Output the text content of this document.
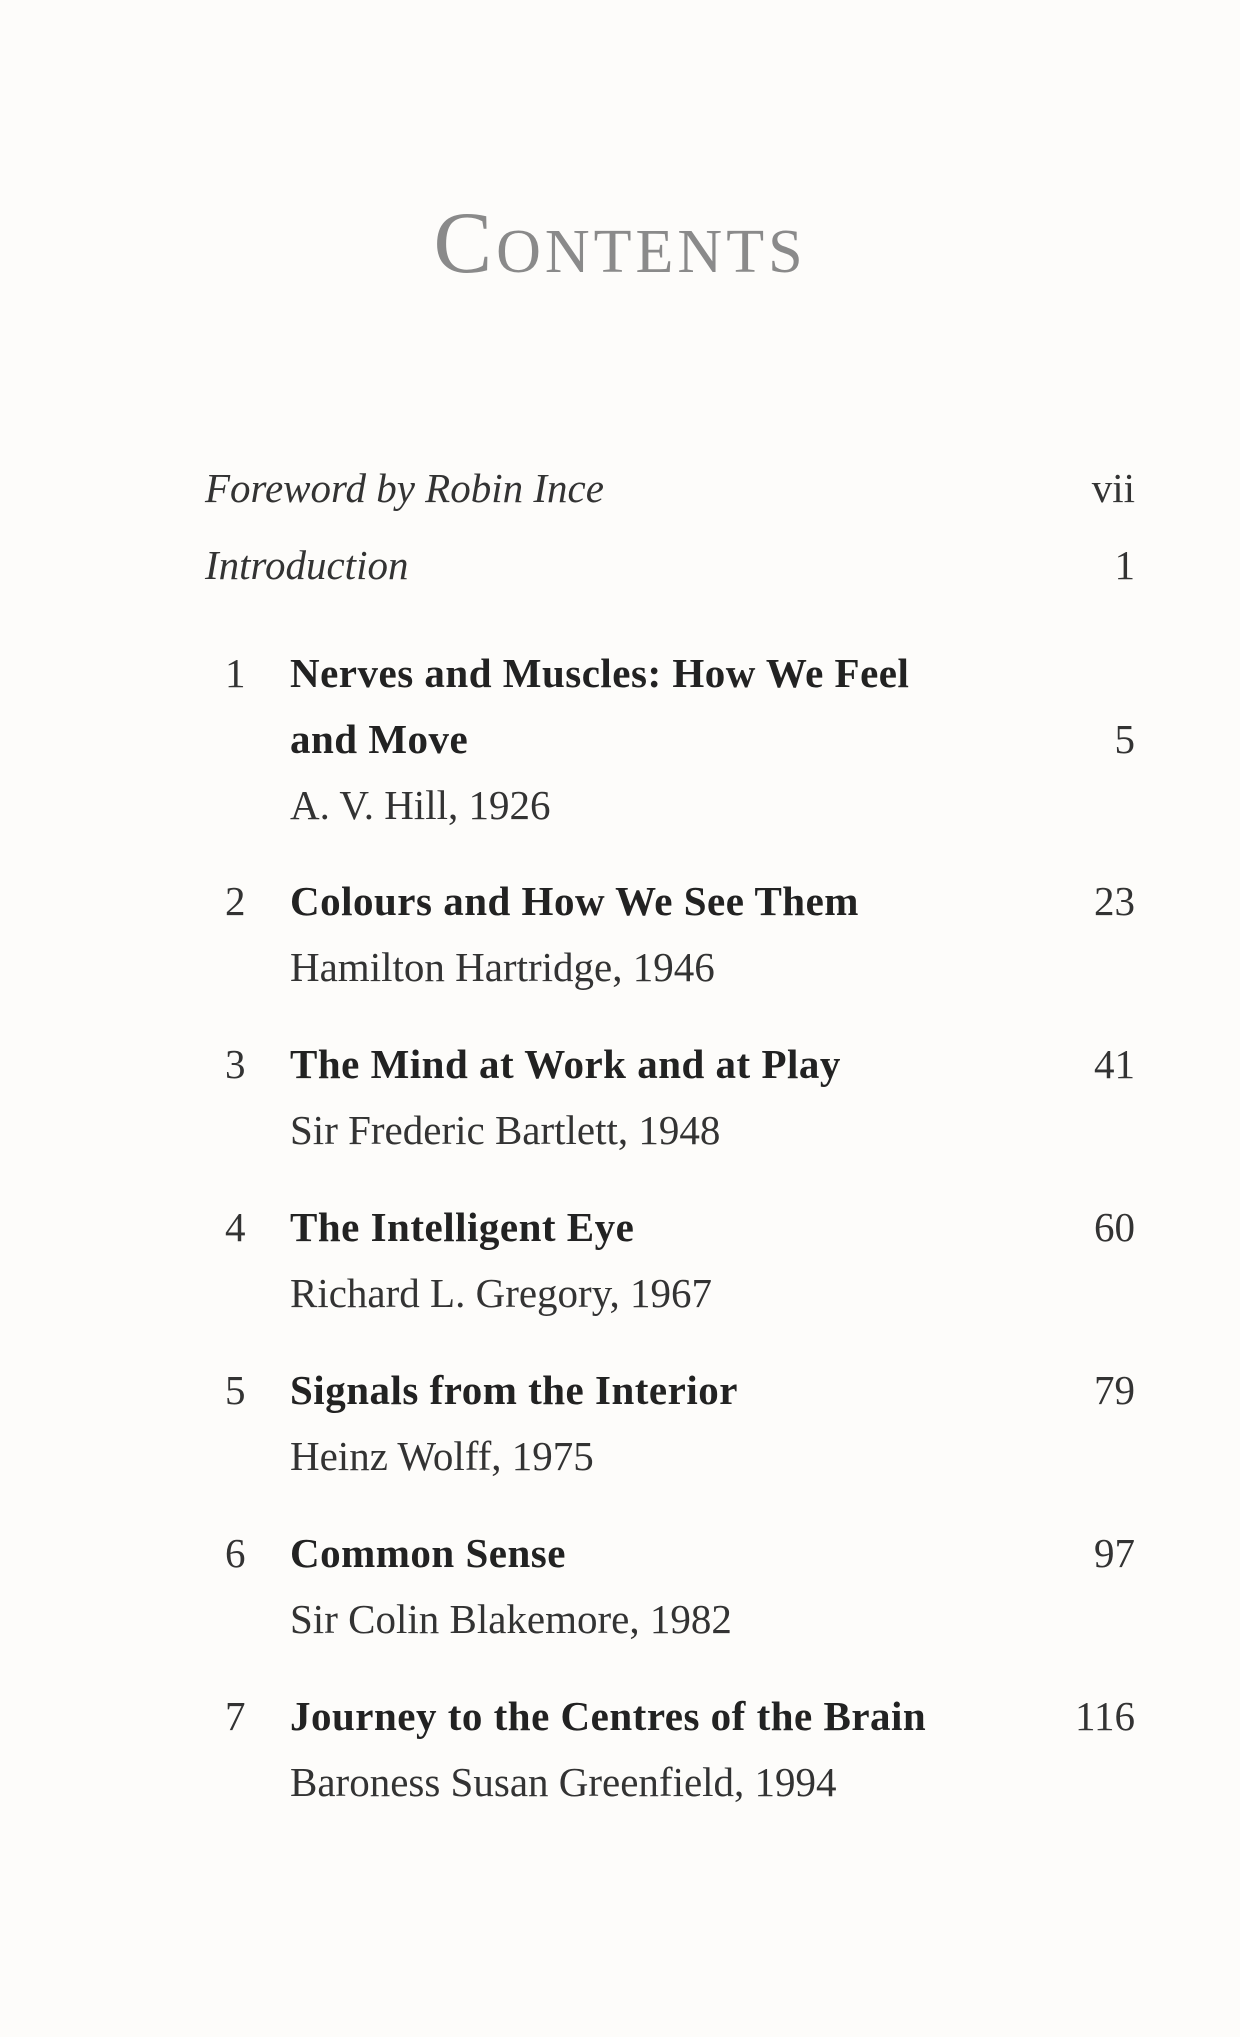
Contents
Foreword by Robin Ince	vii
Introduction	1
1 Nerves and Muscles: How We Feel
and Move
A. V. Hill, 1926
5
2 Colours and How We See Them
Hamilton Hartridge, 1946
23
3 The Mind at Work and at Play
Sir Frederic Bartlett, 1948
41
4 The Intelligent Eye
Richard L. Gregory, 1967
60
5 Signals from the Interior
Heinz Wolff, 1975
79
6 Common Sense
Sir Colin Blakemore, 1982
97
7 Journey to the Centres of the Brain
Baroness Susan Greenfield, 1994
116
